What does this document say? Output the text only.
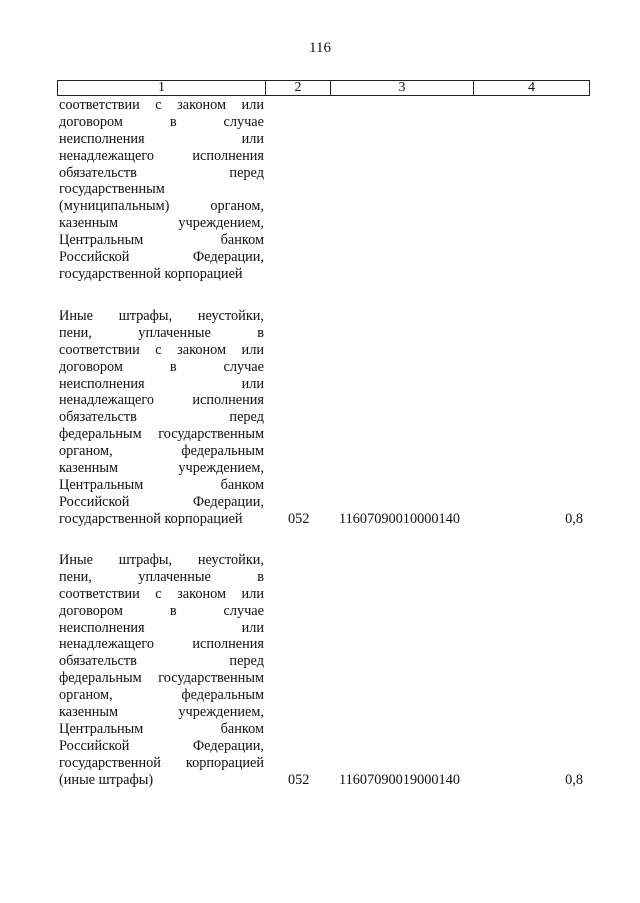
116
1	2	3	4
соответствии с законом или
договором в случае
неисполнения или
ненадлежащего исполнения
обязательств перед
государственным
(муниципальным) органом,
казенным учреждением,
Центральным банком
Российской Федерации,
государственной корпорацией
Иные штрафы, неустойки,
пени, уплаченные в
соответствии с законом или
договором в случае
неисполнения или
ненадлежащего исполнения
обязательств перед
федеральным государственным
органом, федеральным
казенным учреждением,
Центральным банком
Российской Федерации,
государственной корпорацией	052 11607090010000140	0,8
Иные штрафы, неустойки,
пени, уплаченные в
соответствии с законом или
договором в случае
неисполнения или
ненадлежащего исполнения
обязательств перед
федеральным государственным
органом, федеральным
казенным учреждением,
Центральным банком
Российской Федерации,
государственной корпорацией
(иные штрафы)	052 11607090019000140	0,8
